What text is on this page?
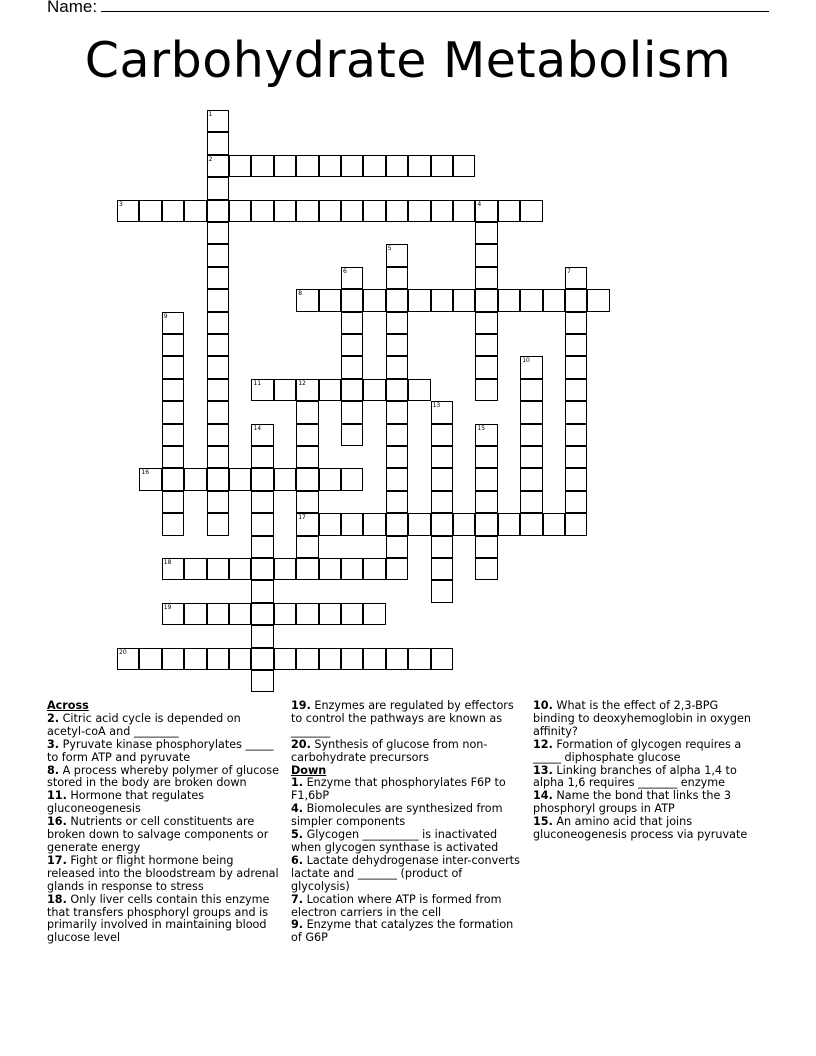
Name:
Carbohydrate Metabolism
1
2
3	4
5
6	7
8
9
10
11	12
17
13
14	15
16
18
19
20
Across
2. Citric acid cycle is depended on acetyl-coA and ________
3. Pyruvate kinase phosphorylates _____ to form ATP and pyruvate
8. A process whereby polymer of glucose stored in the body are broken down
11. Hormone that regulates gluconeogenesis
16. Nutrients or cell constituents are broken down to salvage components or generate energy
17. Fight or flight hormone being released into the bloodstream by adrenal glands in response to stress
18. Only liver cells contain this enzyme that transfers phosphoryl groups and is primarily involved in maintaining blood glucose level
19. Enzymes are regulated by effectors to control the pathways are known as _______
20. Synthesis of glucose from non-carbohydrate precursors
Down
1. Enzyme that phosphorylates F6P to F1,6bP
4. Biomolecules are synthesized from simpler components
5. Glycogen __________ is inactivated when glycogen synthase is activated
6. Lactate dehydrogenase inter-converts lactate and _______ (product of glycolysis)
7. Location where ATP is formed from electron carriers in the cell
9. Enzyme that catalyzes the formation of G6P
10. What is the effect of 2,3-BPG binding to deoxyhemoglobin in oxygen affinity?
12. Formation of glycogen requires a _____ diphosphate glucose
13. Linking branches of alpha 1,4 to alpha 1,6 requires _______ enzyme
14. Name the bond that links the 3 phosphoryl groups in ATP
15. An amino acid that joins gluconeogenesis process via pyruvate
